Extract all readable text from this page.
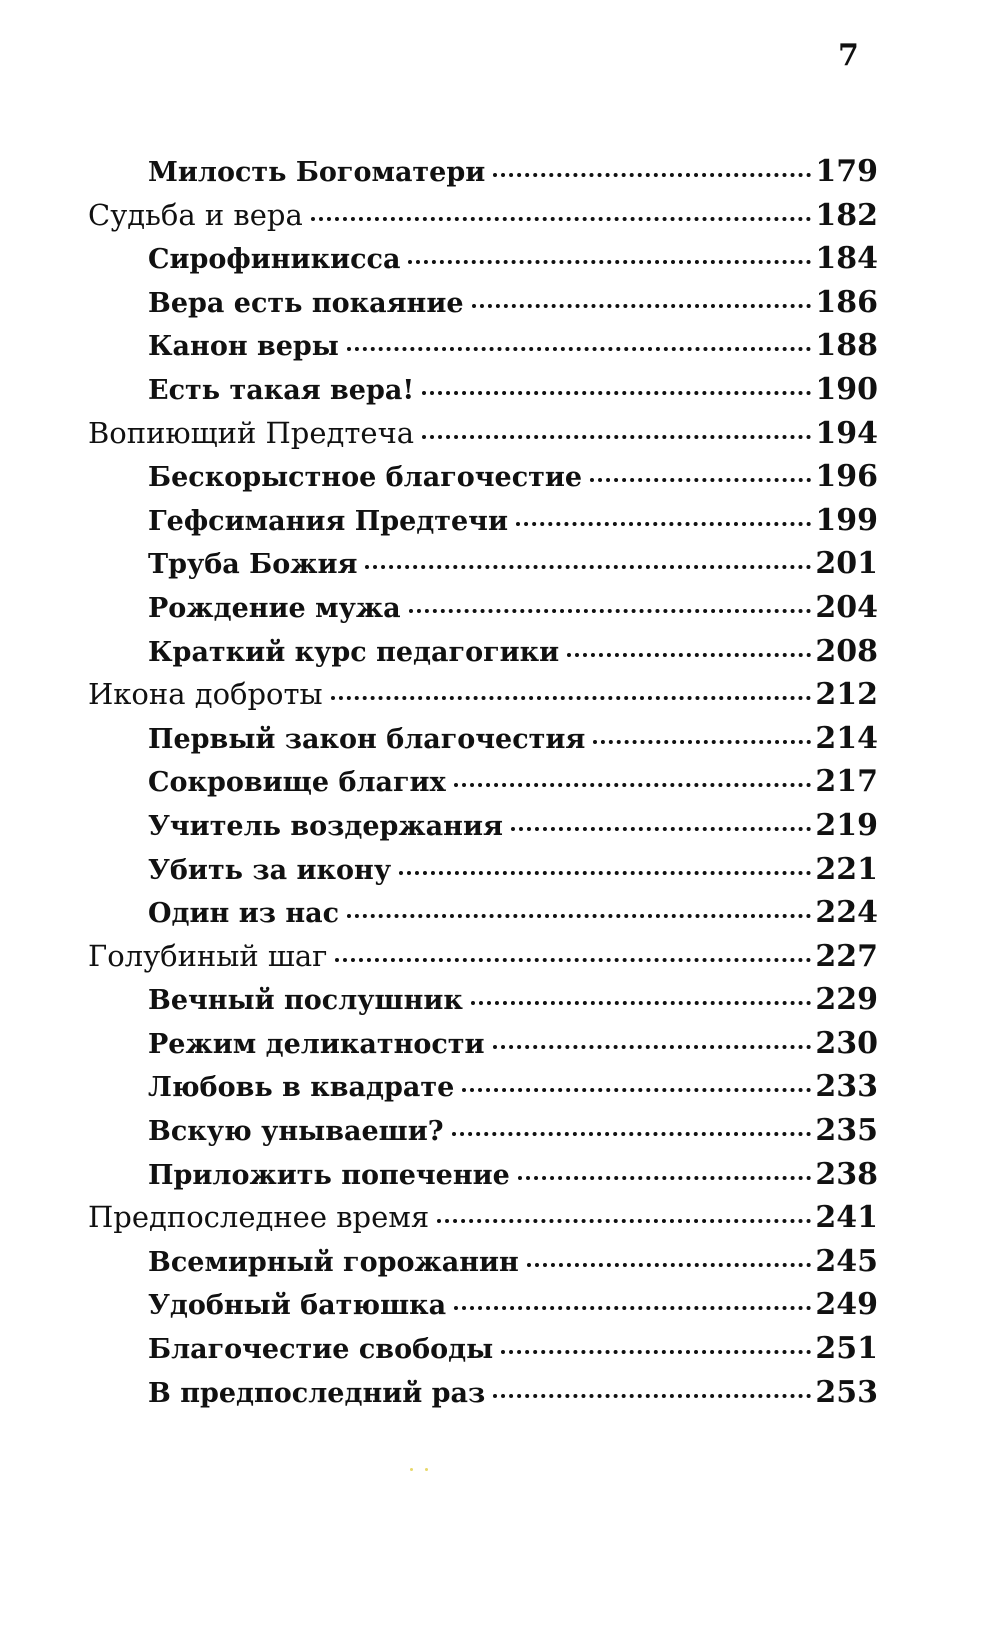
7
Милость Богоматери	179
Судьба и вера	182
Сирофиникисса	184
Вера есть покаяние	186
Канон веры	188
Есть такая вера!	190
Вопиющий Предтеча	194
Бескорыстное благочестие	196
Гефсимания Предтечи	199
Труба Божия	201
Рождение мужа	204
Краткий курс педагогики	208
Икона доброты	212
Первый закон благочестия	214
Сокровище благих	217
Учитель воздержания	219
Убить за икону	221
Один из нас	224
Голубиный шаг	227
Вечный послушник	229
Режим деликатности	230
Любовь в квадрате	233
Вскую унываеши?	235
Приложить попечение	238
Предпоследнее время	241
Всемирный горожанин	245
Удобный батюшка	249
Благочестие свободы	251
В предпоследний раз	253
